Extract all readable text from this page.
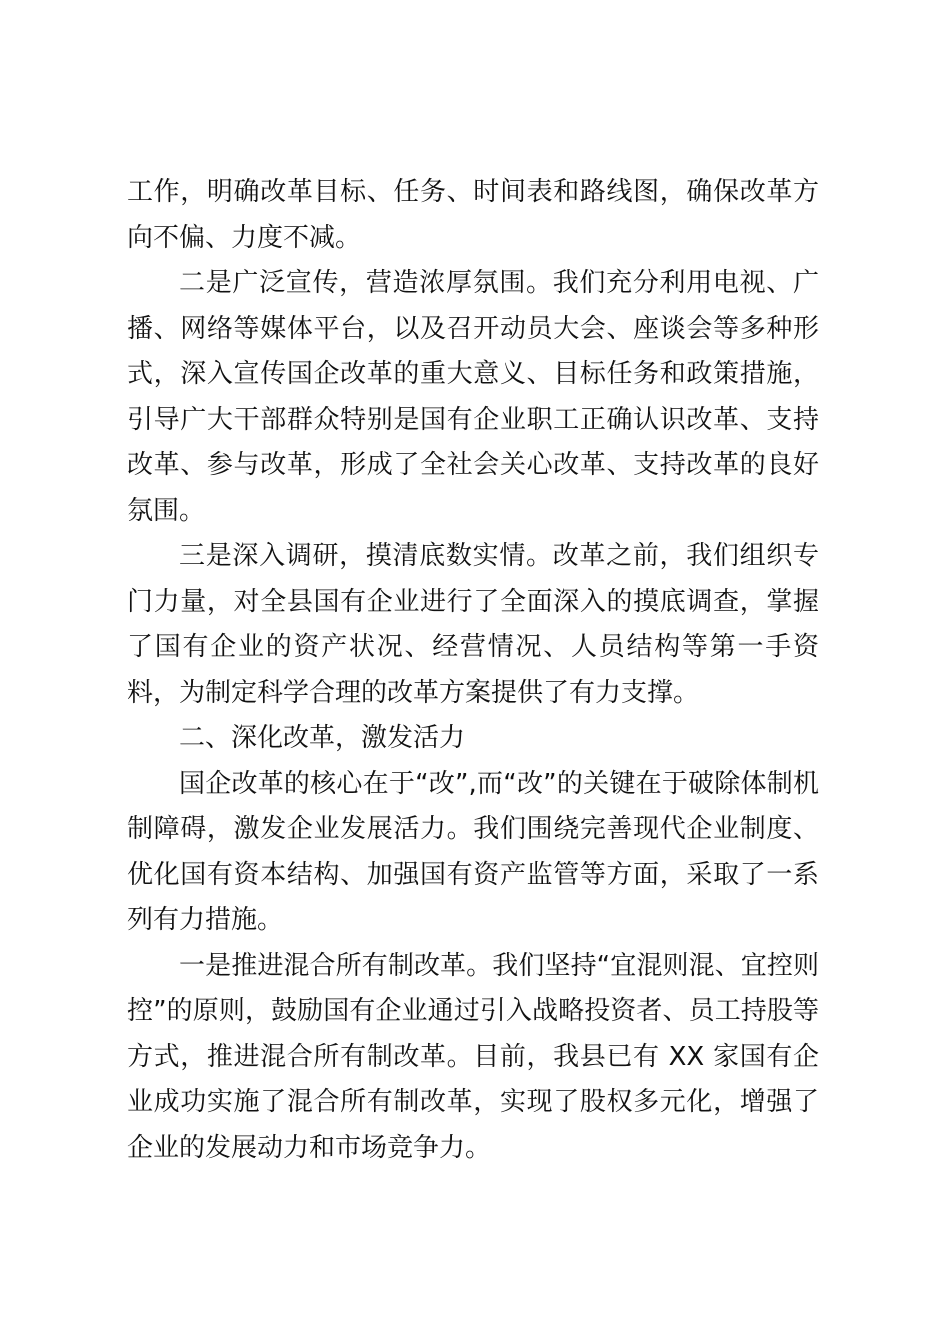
工作，明确改革目标、任务、时间表和路线图，确保改革方向不偏、力度不减。

二是广泛宣传，营造浓厚氛围。我们充分利用电视、广播、网络等媒体平台，以及召开动员大会、座谈会等多种形式，深入宣传国企改革的重大意义、目标任务和政策措施，引导广大干部群众特别是国有企业职工正确认识改革、支持改革、参与改革，形成了全社会关心改革、支持改革的良好氛围。

三是深入调研，摸清底数实情。改革之前，我们组织专门力量，对全县国有企业进行了全面深入的摸底调查，掌握了国有企业的资产状况、经营情况、人员结构等第一手资料，为制定科学合理的改革方案提供了有力支撑。

二、深化改革，激发活力

国企改革的核心在于“改”,而“改”的关键在于破除体制机制障碍，激发企业发展活力。我们围绕完善现代企业制度、优化国有资本结构、加强国有资产监管等方面，采取了一系列有力措施。

一是推进混合所有制改革。我们坚持“宜混则混、宜控则控”的原则，鼓励国有企业通过引入战略投资者、员工持股等方式，推进混合所有制改革。目前，我县已有 XX 家国有企业成功实施了混合所有制改革，实现了股权多元化，增强了企业的发展动力和市场竞争力。
